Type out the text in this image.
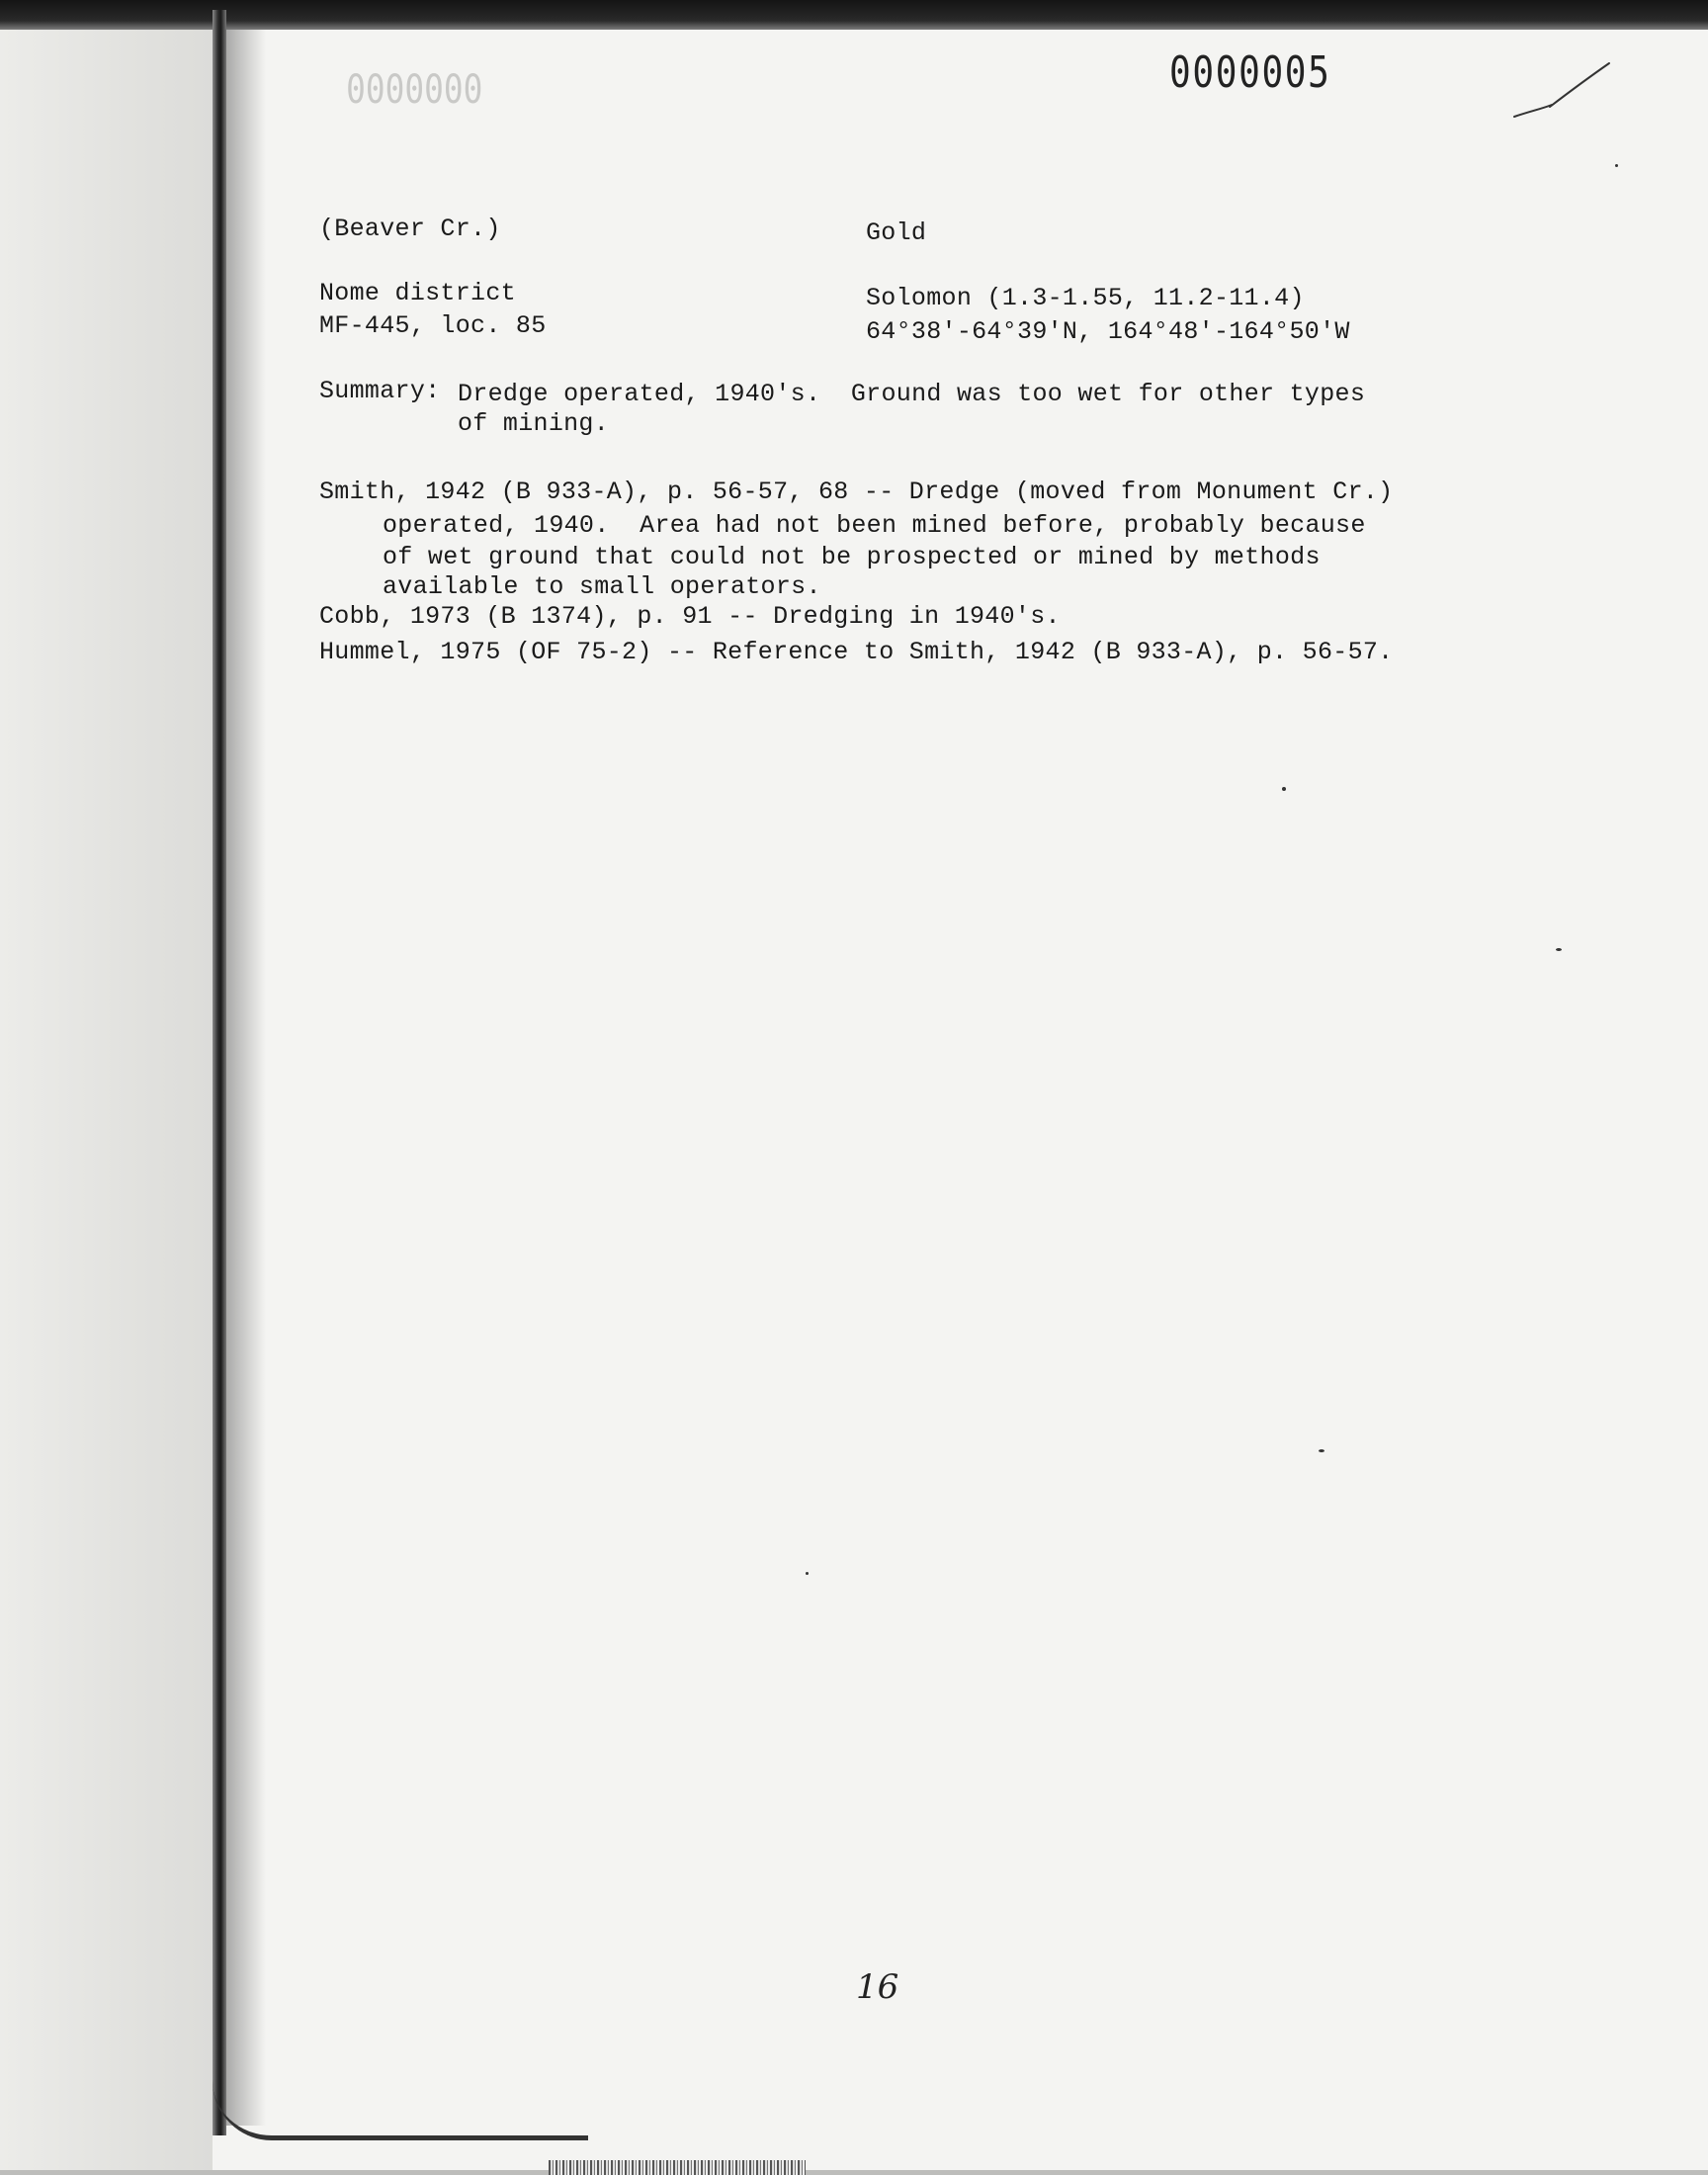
0000000	0000005
(Beaver Cr.)	Gold
Nome district	Solomon (1.3-1.55, 11.2-11.4)
MF-445, loc. 85	64°38'-64°39'N, 164°48'-164°50'W
Summary: Dredge operated, 1940's.  Ground was too wet for other types
of mining.
Smith, 1942 (B 933-A), p. 56-57, 68 -- Dredge (moved from Monument Cr.)
operated, 1940.  Area had not been mined before, probably because
of wet ground that could not be prospected or mined by methods
available to small operators.
Cobb, 1973 (B 1374), p. 91 -- Dredging in 1940's.
Hummel, 1975 (OF 75-2) -- Reference to Smith, 1942 (B 933-A), p. 56-57.
16
